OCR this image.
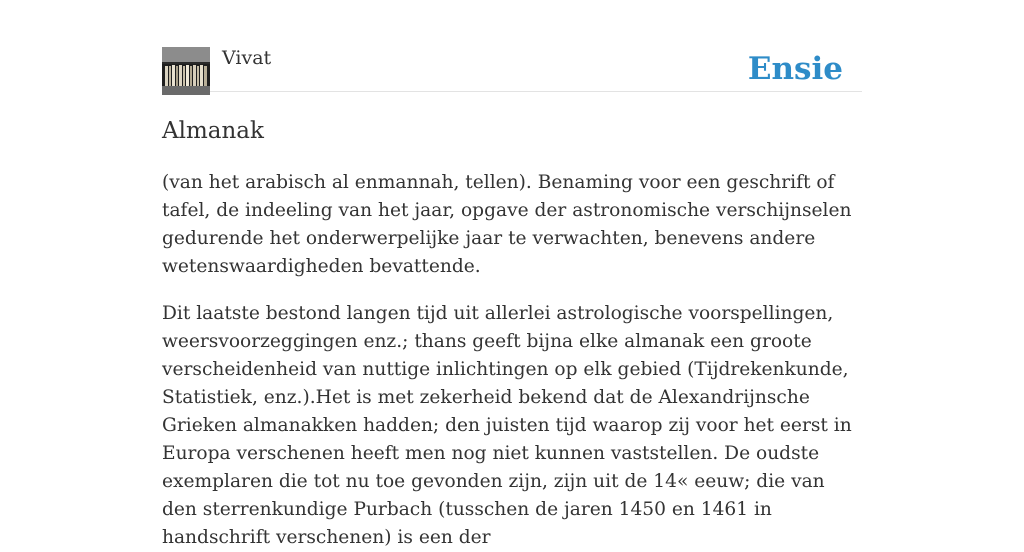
Vivat	Ensie
Almanak

(van het arabisch al enmannah, tellen). Benaming voor een geschrift of tafel, de indeeling van het jaar, opgave der astronomische verschijnselen gedurende het onderwerpelijke jaar te verwachten, benevens andere wetenswaardigheden bevattende.

Dit laatste bestond langen tijd uit allerlei astrologische voorspellingen, weersvoorzeggingen enz.; thans geeft bijna elke almanak een groote verscheidenheid van nuttige inlichtingen op elk gebied (Tijdrekenkunde, Statistiek, enz.).Het is met zekerheid bekend dat de Alexandrijnsche Grieken almanakken hadden; den juisten tijd waarop zij voor het eerst in Europa verschenen heeft men nog niet kunnen vaststellen. De oudste exemplaren die tot nu toe gevonden zijn, zijn uit de 14« eeuw; die van den sterrenkundige Purbach (tusschen de jaren 1450 en 1461 in handschrift verschenen) is een der
